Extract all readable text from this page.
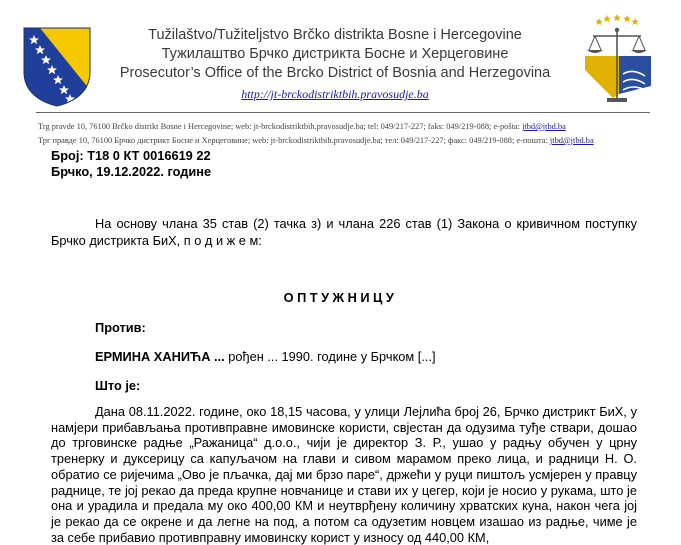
Tužilaštvo/Tužiteljstvo Brčko distrikta Bosne i Hercegovine
Тужилаштво Брчко дистрикта Босне и Херцеговине
Prosecutor’s Office of the Brcko District of Bosnia and Herzegovina
http://jt-brckodistriktbih.pravosudje.ba
Trg pravde 10, 76100 Brčko distrikt Bosne i Hercegovine; web: jt-brckodistriktbih.pravosudje.ba; tel: 049/217-227; faks: 049/219-088; e-pošta: jtbd@jtbd.ba
Трг правде 10, 76100 Брчко дистрикт Босне и Херцеговине; web: jt-brckodistriktbih.pravosudje.ba; тел: 049/217-227; факс: 049/219-088; е-пошта: jtbd@jtbd.ba
Број: Т18 0 КТ 0016619 22
Брчко, 19.12.2022. године
На основу члана 35 став (2) тачка з) и члана 226 став (1) Закона о кривичном поступку Брчко дистрикта БиХ, п о д и ж е м:
ОПТУЖНИЦУ
Против:
ЕРМИНА ХАНИЋА ... рођен ... 1990. године у Брчком [...]
Што је:
Дана 08.11.2022. године, око 18,15 часова, у улици Лејлића број 26, Брчко дистрикт БиХ, у намјери прибављања противправне имовинске користи, свјестан да одузима туђе ствари, дошао до трговинске радње „Ражаница“ д.о.о., чији је директор З. Р., ушао у радњу обучен у црну тренерку и дуксерицу са капуљачом на глави и сивом марамом преко лица, и радници Н. О. обратио се ријечима „Ово је пљачка, дај ми брзо паре“, држећи у руци пиштољ усмјерен у правцу раднице, те јој рекао да преда крупне новчанице и стави их у цегер, који је носио у рукама, што је она и урадила и предала му око 400,00 КМ и неутврђену количину хрватских куна, након чега јој је рекао да се окрене и да легне на под, а потом са одузетим новцем изашао из радње, чиме је за себе прибавио противправну имовинску корист у износу од 440,00 КМ,
